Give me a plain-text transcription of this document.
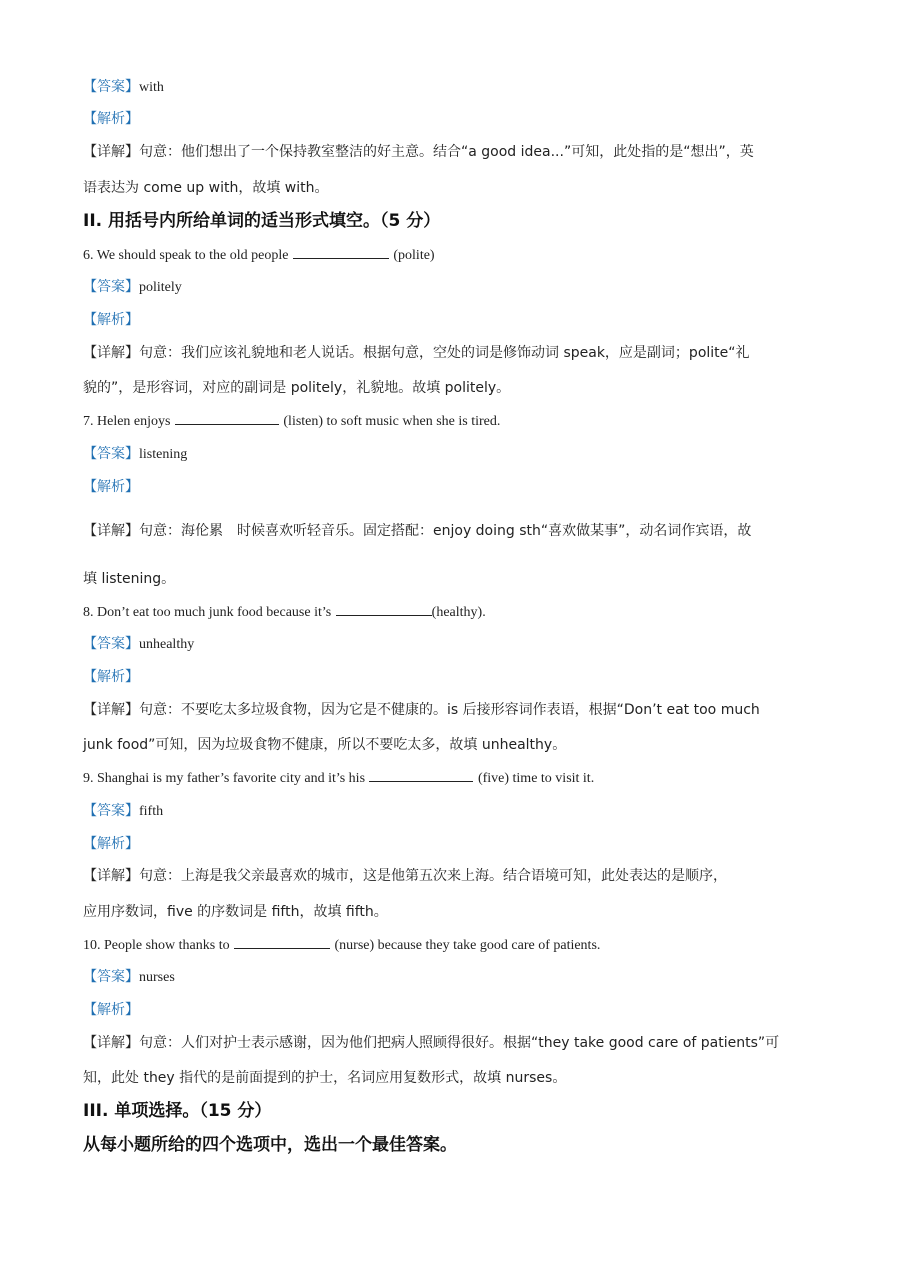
【答案】with
【解析】
【详解】句意：他们想出了一个保持教室整洁的好主意。结合“a good idea...”可知，此处指的是“想出”，英
语表达为 come up with，故填 with。
II. 用括号内所给单词的适当形式填空。（5 分）
6. We should speak to the old people	(polite)
【答案】politely
【解析】
【详解】句意：我们应该礼貌地和老人说话。根据句意，空处的词是修饰动词 speak，应是副词；polite“礼
貌的”，是形容词，对应的副词是 politely，礼貌地。故填 politely。
7. Helen enjoys	(listen) to soft music when she is tired.
【答案】listening
【解析】
【详解】句意：海伦累　时候喜欢听轻音乐。固定搭配：enjoy doing sth“喜欢做某事”，动名词作宾语，故
填 listening。
8. Don’t eat too much junk food because it’s	(healthy).
【答案】unhealthy
【解析】
【详解】句意：不要吃太多垃圾食物，因为它是不健康的。is 后接形容词作表语，根据“Don’t eat too much
junk food”可知，因为垃圾食物不健康，所以不要吃太多，故填 unhealthy。
9. Shanghai is my father’s favorite city and it’s his	(five) time to visit it.
【答案】fifth
【解析】
【详解】句意：上海是我父亲最喜欢的城市，这是他第五次来上海。结合语境可知，此处表达的是顺序，
应用序数词，five 的序数词是 fifth，故填 fifth。
10. People show thanks to	(nurse) because they take good care of patients.
【答案】nurses
【解析】
【详解】句意：人们对护士表示感谢，因为他们把病人照顾得很好。根据“they take good care of patients”可
知，此处 they 指代的是前面提到的护士，名词应用复数形式，故填 nurses。
III. 单项选择。（15 分）
从每小题所给的四个选项中，选出一个最佳答案。
